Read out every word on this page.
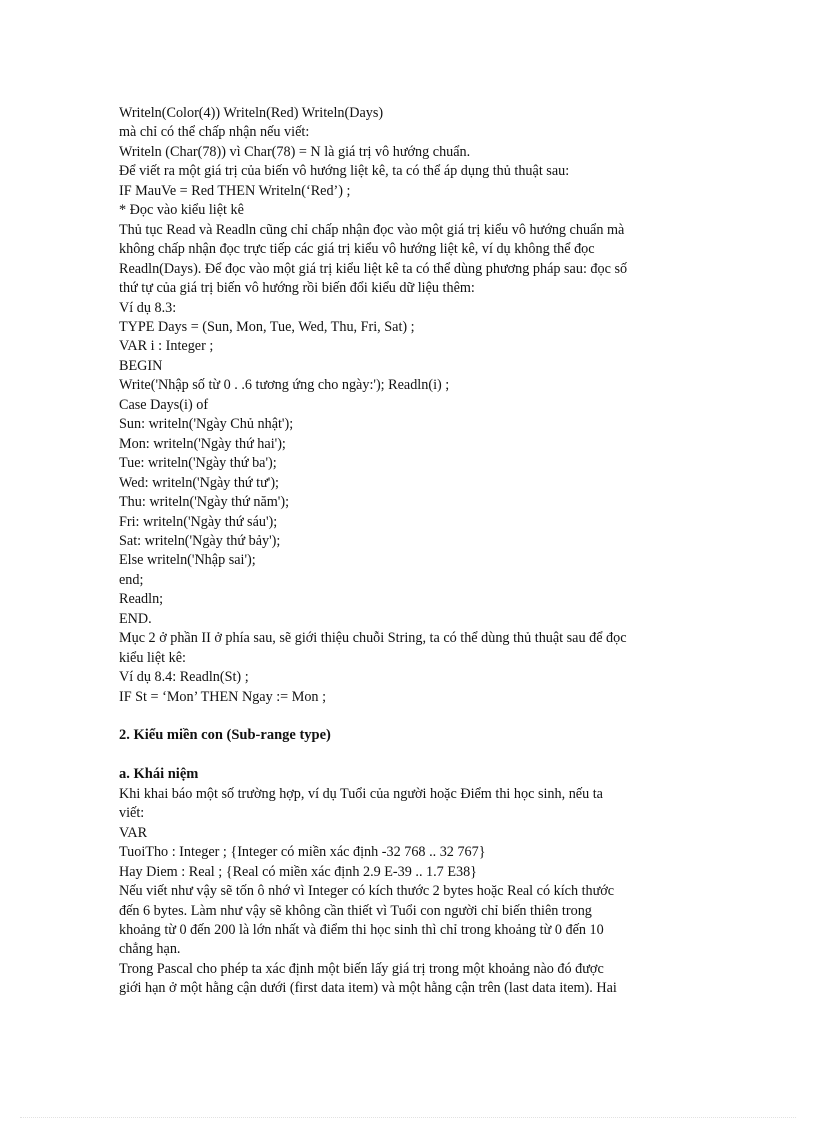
Writeln(Color(4)) Writeln(Red) Writeln(Days)

mà chỉ có thể chấp nhận nếu viết:

Writeln (Char(78)) vì Char(78) = N là giá trị vô hướng chuẩn.

Để viết ra một giá trị của biến vô hướng liệt kê, ta có thể áp dụng thủ thuật sau:

IF MauVe = Red THEN Writeln(‘Red’) ;

* Đọc vào kiểu liệt kê

Thủ tục Read và Readln cũng chỉ chấp nhận đọc vào một giá trị kiểu vô hướng chuẩn mà

không chấp nhận đọc trực tiếp các giá trị kiểu vô hướng liệt kê, ví dụ không thể đọc

Readln(Days). Để đọc vào một giá trị kiểu liệt kê ta có thể dùng phương pháp sau: đọc số

thứ tự của giá trị biến vô hướng rồi biến đổi kiểu dữ liệu thêm:

Ví dụ 8.3:

TYPE Days = (Sun, Mon, Tue, Wed, Thu, Fri, Sat) ;

VAR i : Integer ;

BEGIN

Write('Nhập số từ 0 . .6 tương ứng cho ngày:'); Readln(i) ;

Case Days(i) of

Sun: writeln('Ngày Chủ nhật');

Mon: writeln('Ngày thứ hai');

Tue: writeln('Ngày thứ ba');

Wed: writeln('Ngày thứ tư');

Thu: writeln('Ngày thứ năm');

Fri: writeln('Ngày thứ sáu');

Sat: writeln('Ngày thứ bảy');

Else writeln('Nhập sai');

end;

Readln;

END.

Mục 2 ở phần II ở phía sau, sẽ giới thiệu chuỗi String, ta có thể dùng thủ thuật sau để đọc

kiểu liệt kê:

Ví dụ 8.4: Readln(St) ;

IF St = ‘Mon’ THEN Ngay := Mon ;

2. Kiểu miền con (Sub-range type)

a. Khái niệm

Khi khai báo một số trường hợp, ví dụ Tuổi của người hoặc Điểm thi học sinh, nếu ta

viết:

VAR

TuoiTho : Integer ; {Integer có miền xác định -32 768 .. 32 767}

Hay Diem : Real ; {Real có miền xác định 2.9 E-39 .. 1.7 E38}

Nếu viết như vậy sẽ tốn ô nhớ vì Integer có kích thước 2 bytes hoặc Real có kích thước

đến 6 bytes. Làm như vậy sẽ không cần thiết vì Tuổi con người chỉ biến thiên trong

khoảng từ 0 đến 200 là lớn nhất và điểm thi học sinh thì chỉ trong khoảng từ 0 đến 10

chẳng hạn.

Trong Pascal cho phép ta xác định một biến lấy giá trị trong một khoảng nào đó được

giới hạn ở một hằng cận dưới (first data item) và một hằng cận trên (last data item). Hai
